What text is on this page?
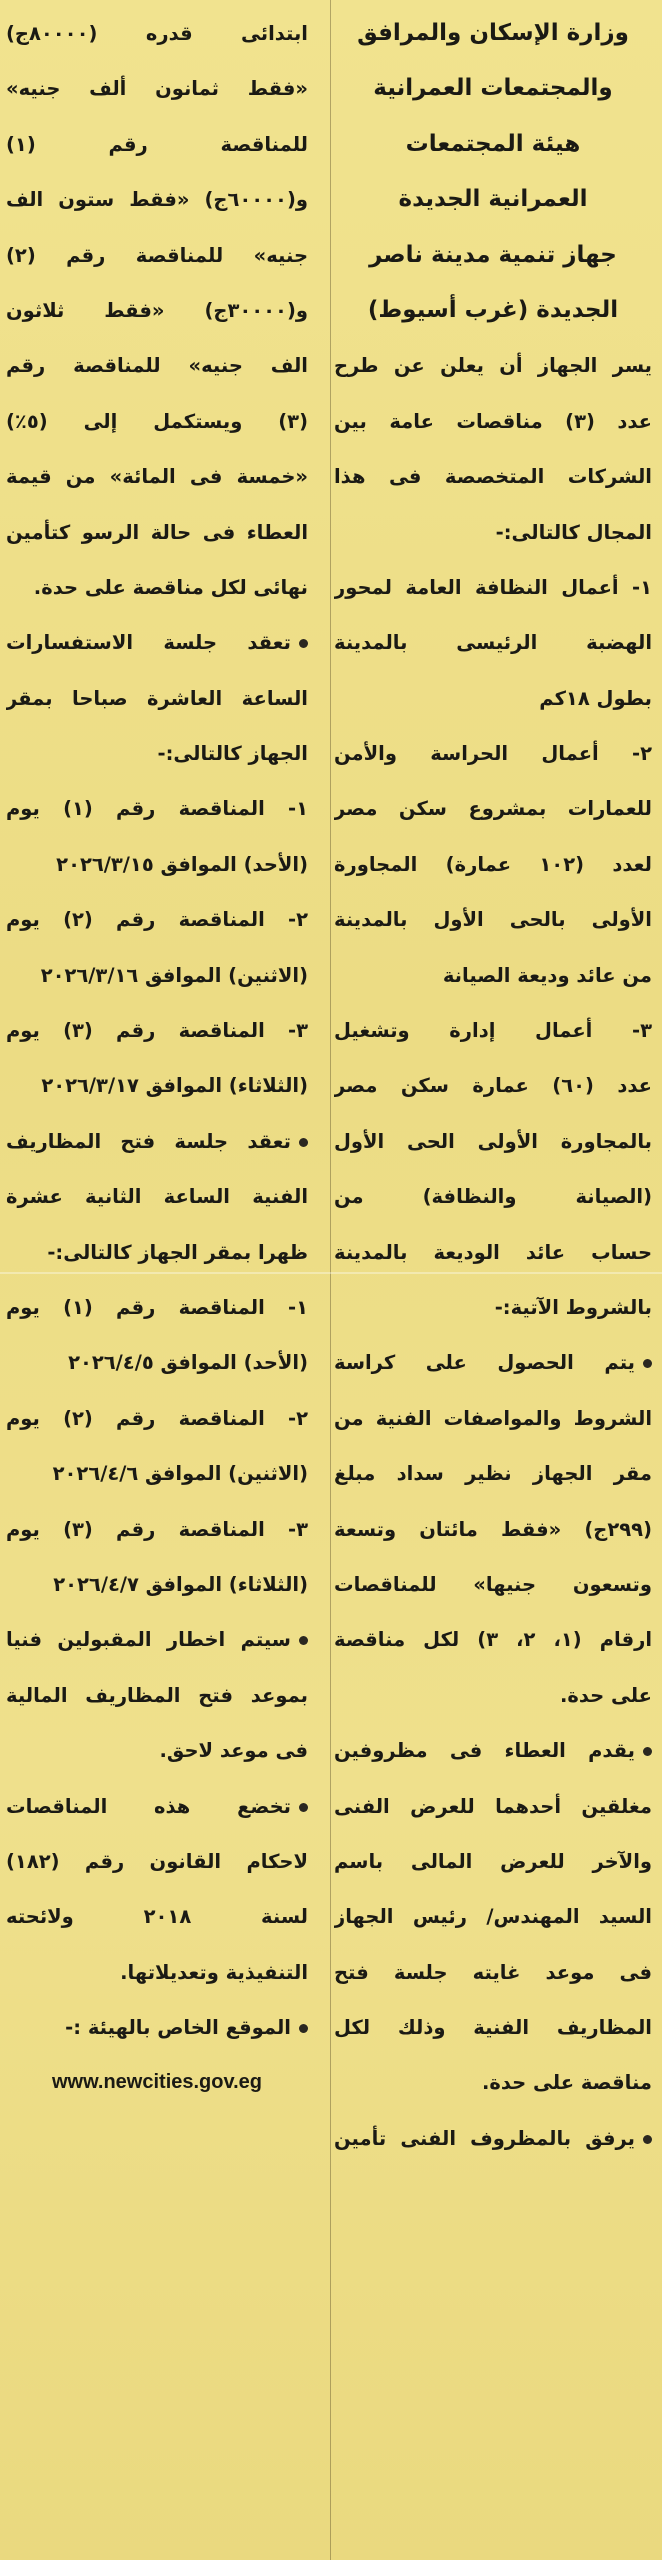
وزارة الإسكان والمرافق
والمجتمعات العمرانية
هيئة المجتمعات
العمرانية الجديدة
جهاز تنمية مدينة ناصر
الجديدة (غرب أسيوط)
يسر الجهاز أن يعلن عن طرح
عدد (٣) مناقصات عامة بين
الشركات المتخصصة فى هذا
المجال كالتالى:-
١- أعمال النظافة العامة لمحور
الهضبة الرئيسى بالمدينة
بطول ١٨كم
٢- أعمال الحراسة والأمن
للعمارات بمشروع سكن مصر
لعدد (١٠٢ عمارة) المجاورة
الأولى بالحى الأول بالمدينة
من عائد وديعة الصيانة
٣- أعمال إدارة وتشغيل
عدد (٦٠) عمارة سكن مصر
بالمجاورة الأولى الحى الأول
(الصيانة والنظافة) من
حساب عائد الوديعة بالمدينة
بالشروط الآتية:-
يتم الحصول على كراسة
الشروط والمواصفات الفنية من
مقر الجهاز نظير سداد مبلغ
(٢٩٩ج) «فقط مائتان وتسعة
وتسعون جنيها» للمناقصات
ارقام (١، ٢، ٣) لكل مناقصة
على حدة.
يقدم العطاء فى مظروفين
مغلقين أحدهما للعرض الفنى
والآخر للعرض المالى باسم
السيد المهندس/ رئيس الجهاز
فى موعد غايته جلسة فتح
المظاريف الفنية وذلك لكل
مناقصة على حدة.
يرفق بالمظروف الفنى تأمين
ابتدائى قدره (٨٠٠٠٠ج)
«فقط ثمانون ألف جنيه»
للمناقصة رقم (١)
و(٦٠٠٠٠ج) «فقط ستون الف
جنيه» للمناقصة رقم (٢)
و(٣٠٠٠٠ج) «فقط ثلاثون
الف جنيه» للمناقصة رقم
(٣) ويستكمل إلى (٥٪)
«خمسة فى المائة» من قيمة
العطاء فى حالة الرسو كتأمين
نهائى لكل مناقصة على حدة.
تعقد جلسة الاستفسارات
الساعة العاشرة صباحا بمقر
الجهاز كالتالى:-
١- المناقصة رقم (١) يوم
(الأحد) الموافق ٢٠٢٦/٣/١٥
٢- المناقصة رقم (٢) يوم
(الاثنين) الموافق ٢٠٢٦/٣/١٦
٣- المناقصة رقم (٣) يوم
(الثلاثاء) الموافق ٢٠٢٦/٣/١٧
تعقد جلسة فتح المظاريف
الفنية الساعة الثانية عشرة
ظهرا بمقر الجهاز كالتالى:-
١- المناقصة رقم (١) يوم
(الأحد) الموافق ٢٠٢٦/٤/٥
٢- المناقصة رقم (٢) يوم
(الاثنين) الموافق ٢٠٢٦/٤/٦
٣- المناقصة رقم (٣) يوم
(الثلاثاء) الموافق ٢٠٢٦/٤/٧
سيتم اخطار المقبولين فنيا
بموعد فتح المظاريف المالية
فى موعد لاحق.
تخضع هذه المناقصات
لاحكام القانون رقم (١٨٢)
لسنة ٢٠١٨ ولائحته
التنفيذية وتعديلاتها.
الموقع الخاص بالهيئة :-
www.newcities.gov.eg
